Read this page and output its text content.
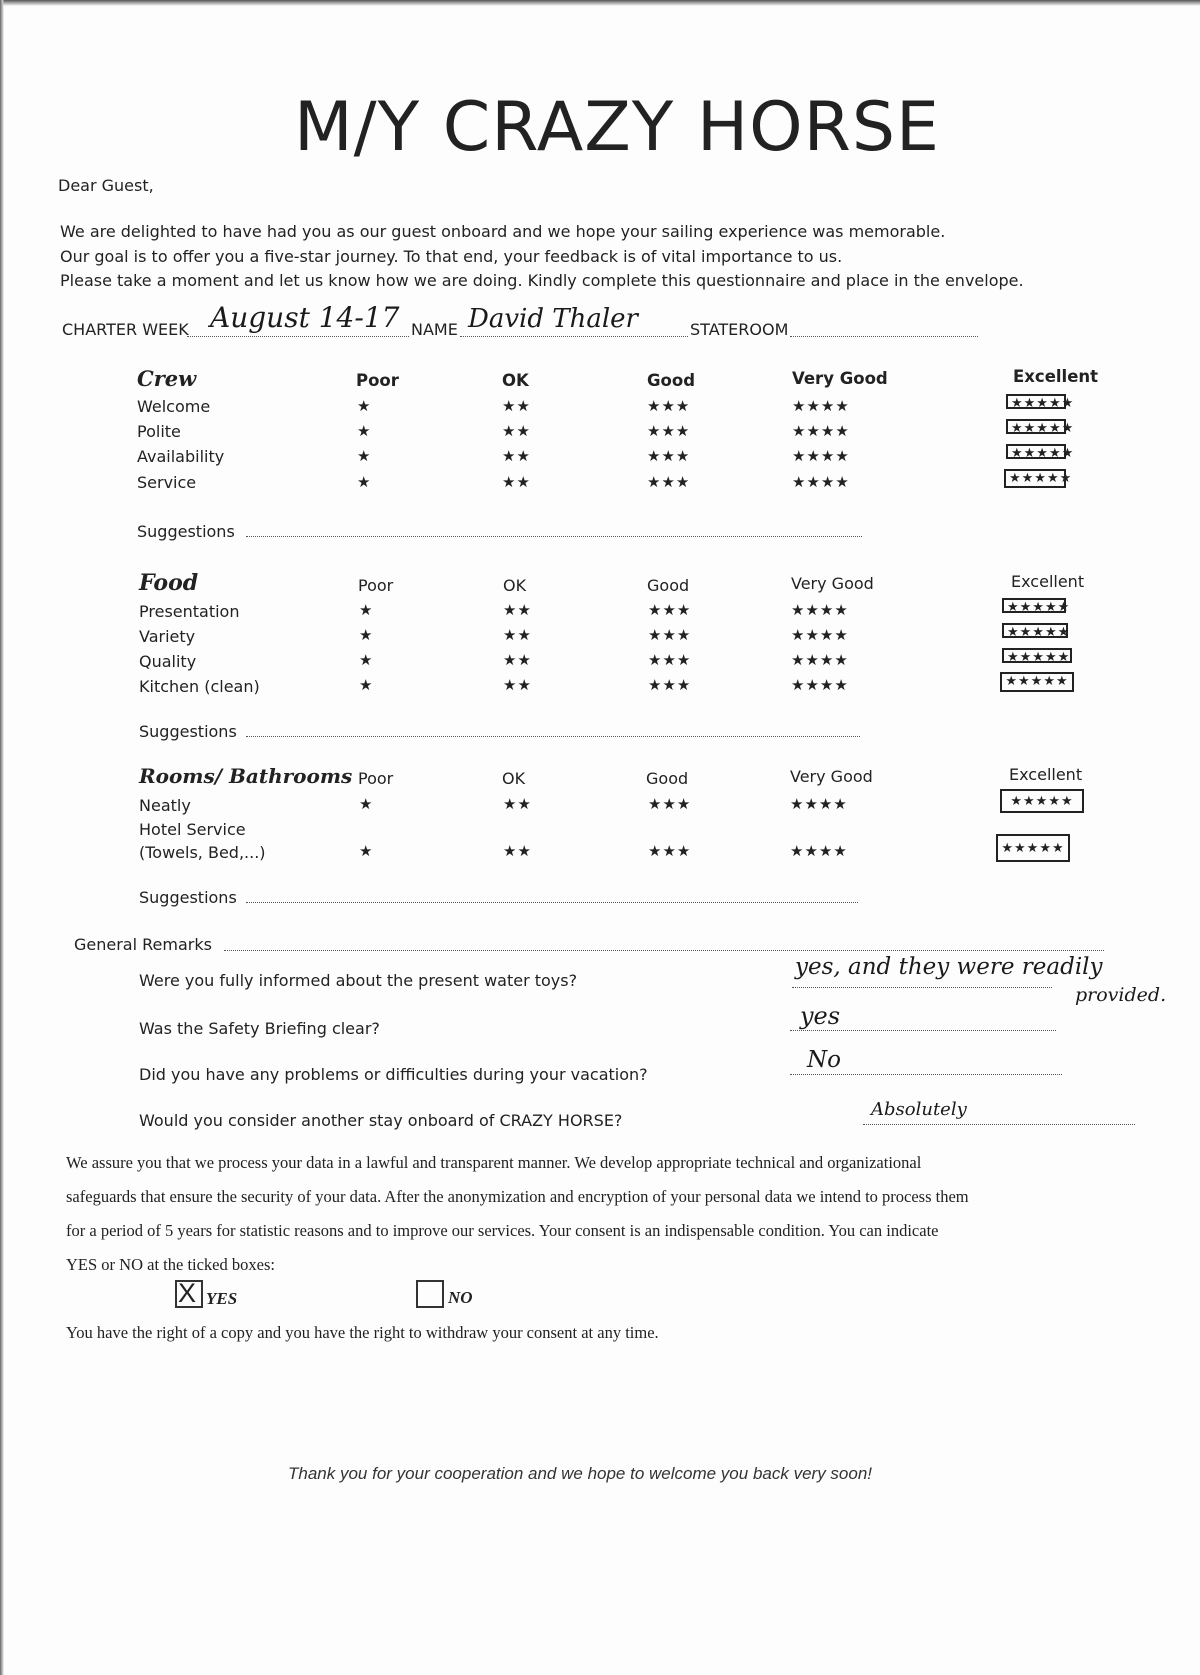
M/Y CRAZY HORSE
Dear Guest,
We are delighted to have had you as our guest onboard and we hope your sailing experience was memorable.
Our goal is to offer you a five-star journey. To that end, your feedback is of vital importance to us.
Please take a moment and let us know how we are doing. Kindly complete this questionnaire and place in the envelope.
CHARTER WEEK August 14-17 NAME David Thaler	STATEROOM
Crew	Poor	OK	Good	Very Good	Excellent
Welcome	★	★★	★★★	★★★★	★★★★★
Polite	★	★★	★★★	★★★★	★★★★★
Availability	★	★★	★★★	★★★★	★★★★★
Service	★	★★	★★★	★★★★	★★★★★
Suggestions
Food	Poor	OK	Good	Very Good	Excellent
Presentation	★	★★	★★★	★★★★	★★★★★
Variety	★	★★	★★★	★★★★	★★★★★
Quality	★	★★	★★★	★★★★	★★★★★
Kitchen (clean)	★	★★	★★★	★★★★	★★★★★
Suggestions
Rooms/ Bathrooms Poor	OK	Good	Very Good	Excellent
Neatly	★	★★	★★★	★★★★	★★★★★
Hotel Service
(Towels, Bed,...)	★	★★	★★★	★★★★	★★★★★
Suggestions
General Remarks
Were you fully informed about the present water toys?
yes, and they were readily
provided.
Was the Safety Briefing clear?	yes
Did you have any problems or difficulties during your vacation?
No
Would you consider another stay onboard of CRAZY HORSE?
Absolutely
We assure you that we process your data in a lawful and transparent manner. We develop appropriate technical and organizational
safeguards that ensure the security of your data. After the anonymization and encryption of your personal data we intend to process them
for a period of 5 years for statistic reasons and to improve our services. Your consent is an indispensable condition. You can indicate
YES or NO at the ticked boxes:
X YES	NO
You have the right of a copy and you have the right to withdraw your consent at any time.
Thank you for your cooperation and we hope to welcome you back very soon!
